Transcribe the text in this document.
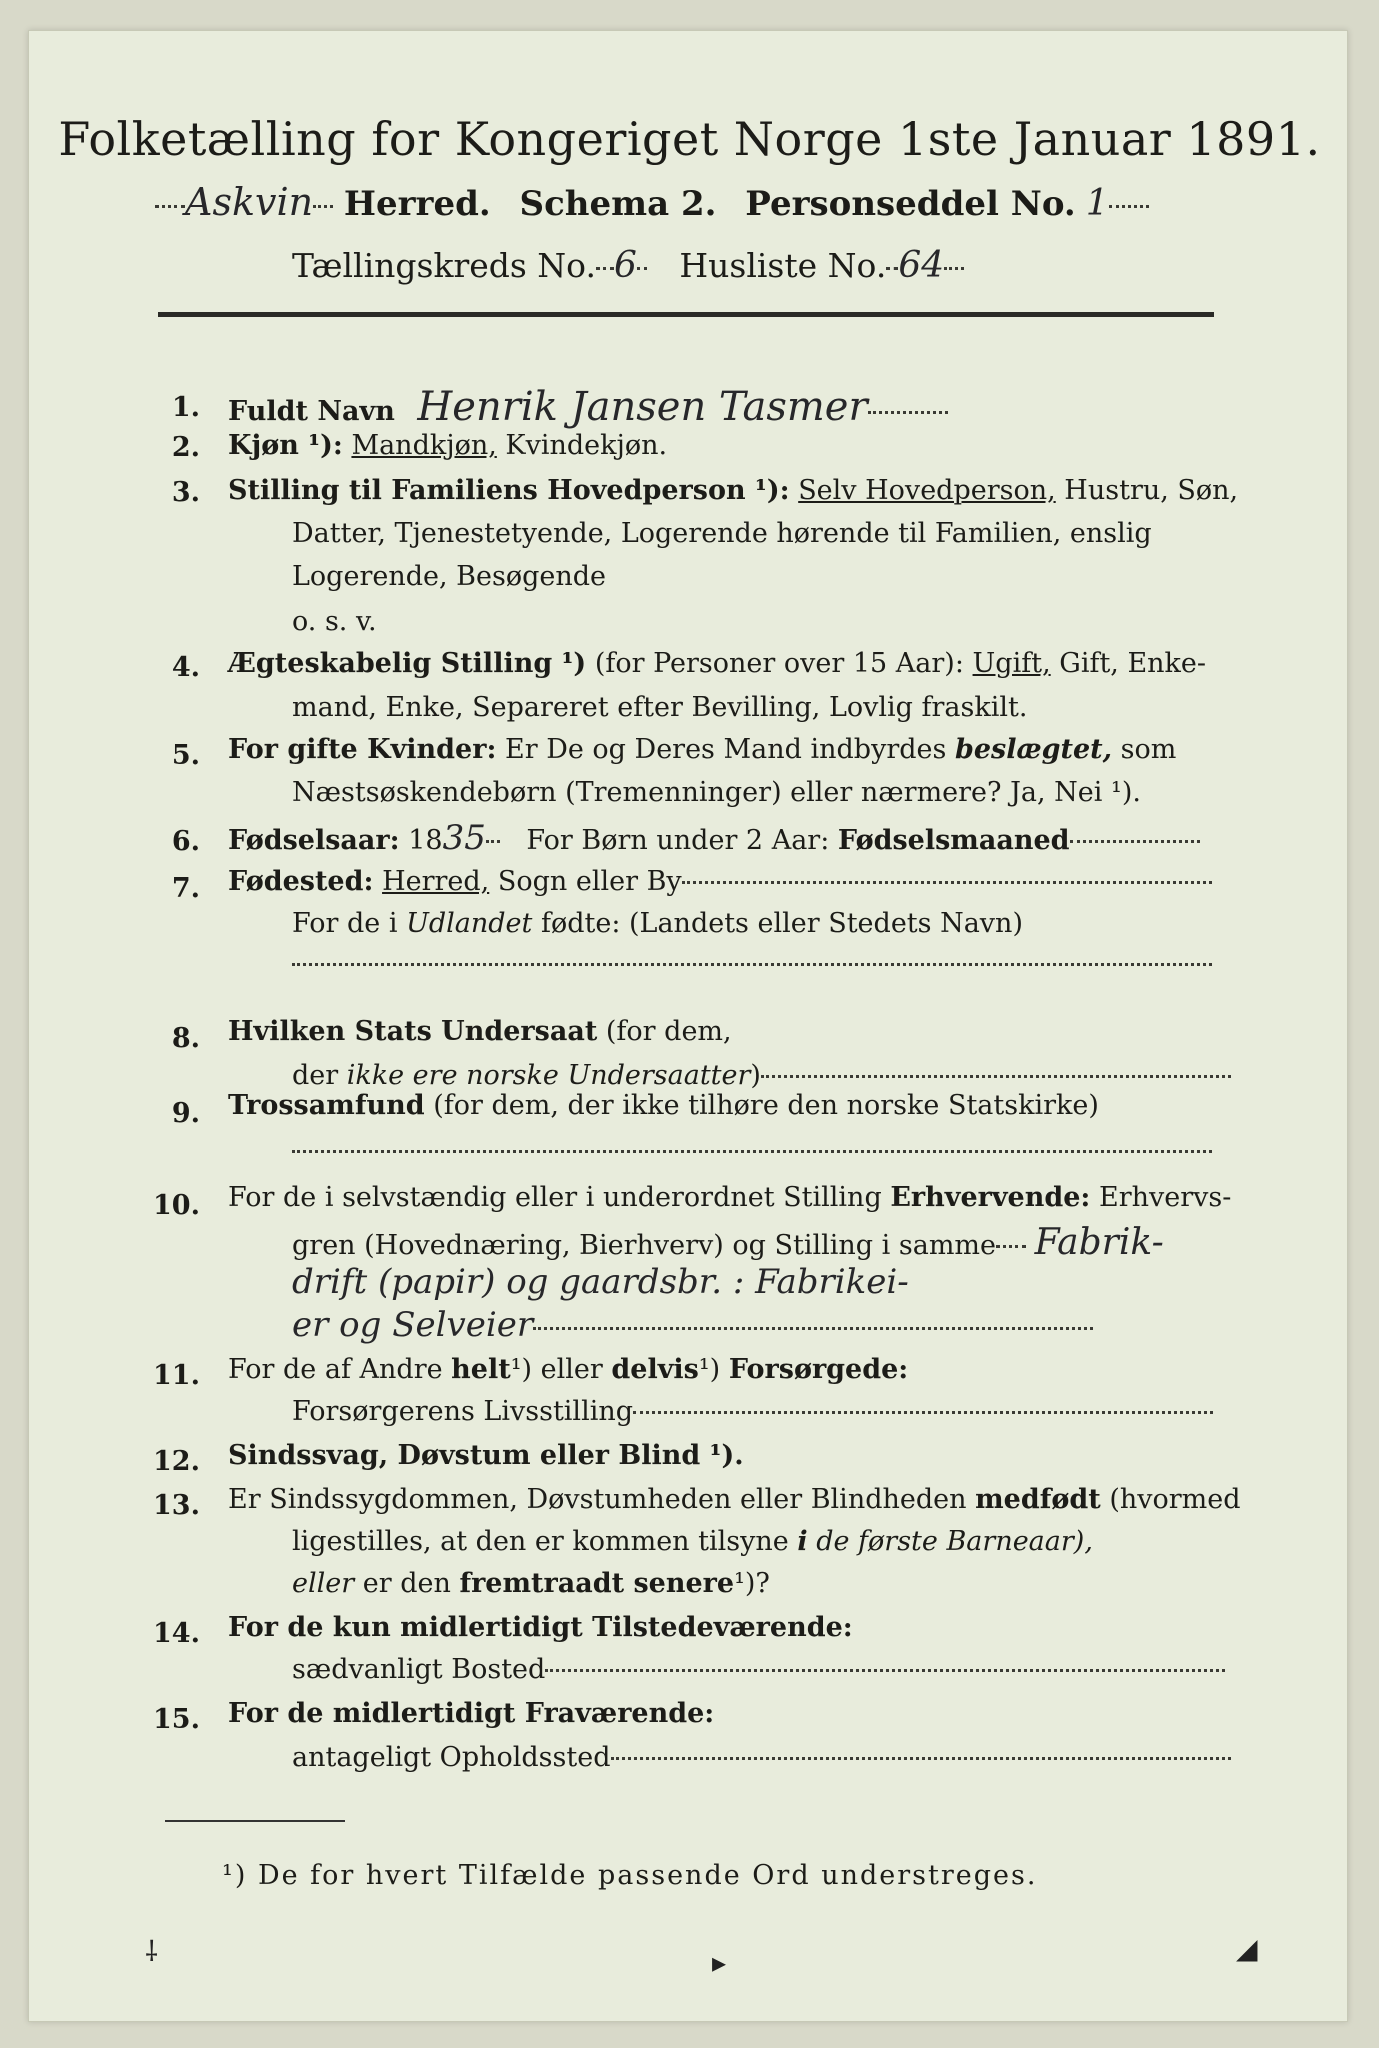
Folketælling for Kongeriget Norge 1ste Januar 1891.
Askvin Herred. Schema 2. Personseddel No. 1
Tællingskreds No. 6 Husliste No. 64
1. Fuldt Navn Henrik Jansen Tasmer
2. Kjøn ¹): Mandkjøn, Kvindekjøn.
3. Stilling til Familiens Hovedperson ¹): Selv Hovedperson, Hustru, Søn,
Datter, Tjenestetyende, Logerende hørende til Familien, enslig
Logerende, Besøgende
o. s. v.
4. Ægteskabelig Stilling ¹) (for Personer over 15 Aar): Ugift, Gift, Enke-
mand, Enke, Separeret efter Bevilling, Lovlig fraskilt.
5. For gifte Kvinder: Er De og Deres Mand indbyrdes beslægtet, som
Næstsøskendebørn (Tremenninger) eller nærmere? Ja, Nei ¹).
6. Fødselsaar: 1835 For Børn under 2 Aar: Fødselsmaaned
7. Fødested: Herred, Sogn eller By
For de i Udlandet fødte: (Landets eller Stedets Navn)
8. Hvilken Stats Undersaat (for dem,
der ikke ere norske Undersaatter)
9. Trossamfund (for dem, der ikke tilhøre den norske Statskirke)
10. For de i selvstændig eller i underordnet Stilling Erhvervende: Erhvervs-
gren (Hovednæring, Bierhverv) og Stilling i samme Fabrik-
drift (papir) og gaardsbr. : Fabrikei-
er og Selveier
11. For de af Andre helt¹) eller delvis¹) Forsørgede:
Forsørgerens Livsstilling
12. Sindssvag, Døvstum eller Blind ¹).
13. Er Sindssygdommen, Døvstumheden eller Blindheden medfødt (hvormed
ligestilles, at den er kommen tilsyne i de første Barneaar),
eller er den fremtraadt senere¹)?
14. For de kun midlertidigt Tilstedeværende:
sædvanligt Bosted
15. For de midlertidigt Fraværende:
antageligt Opholdssted
¹) De for hvert Tilfælde passende Ord understreges.
⸸	▸	◢
